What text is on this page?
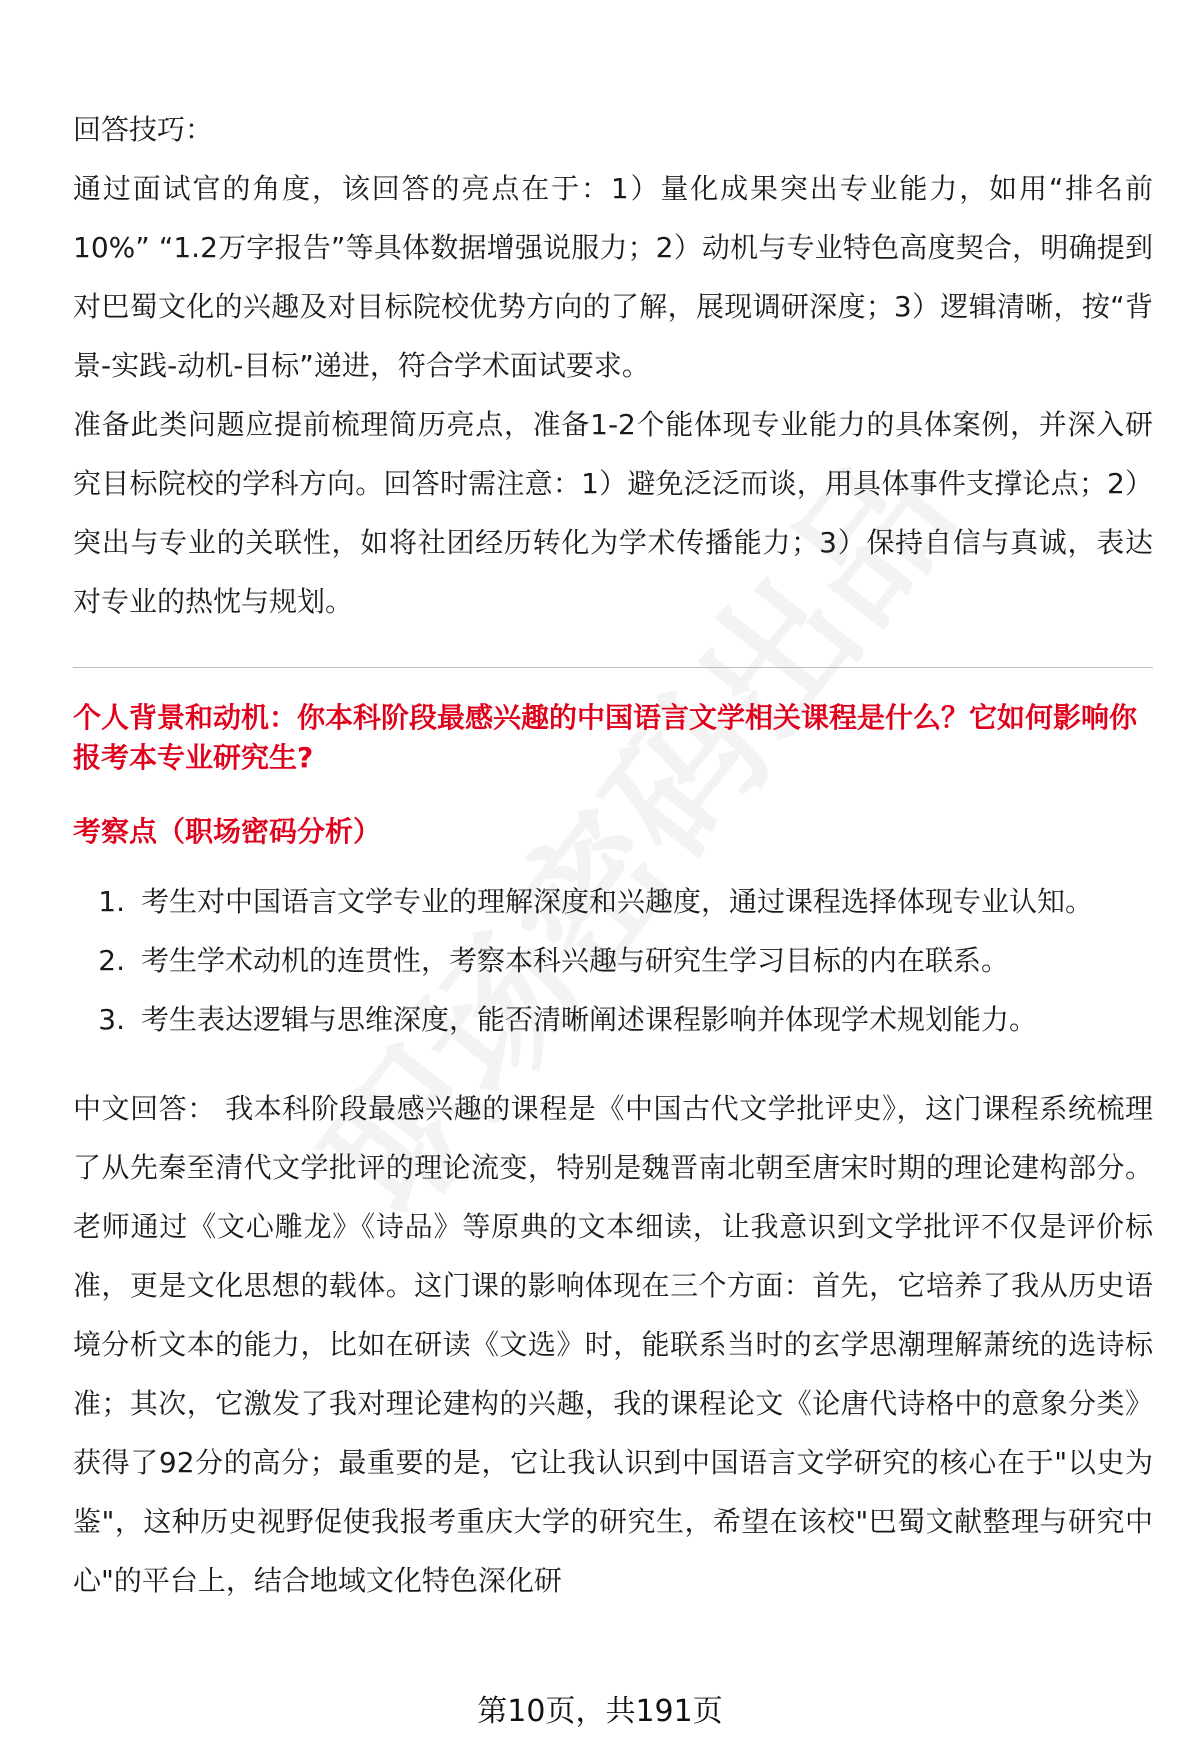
回答技巧：

通过面试官的角度，该回答的亮点在于：1）量化成果突出专业能力，如用“排名前10%” “1.2万字报告”等具体数据增强说服力；2）动机与专业特色高度契合，明确提到对巴蜀文化的兴趣及对目标院校优势方向的了解，展现调研深度；3）逻辑清晰，按“背景-实践-动机-目标”递进，符合学术面试要求。

准备此类问题应提前梳理简历亮点，准备1-2个能体现专业能力的具体案例，并深入研究目标院校的学科方向。回答时需注意：1）避免泛泛而谈，用具体事件支撑论点；2）突出与专业的关联性，如将社团经历转化为学术传播能力；3）保持自信与真诚，表达对专业的热忱与规划。

个人背景和动机：你本科阶段最感兴趣的中国语言文学相关课程是什么？它如何影响你报考本专业研究生?

考察点（职场密码分析）

1. 考生对中国语言文学专业的理解深度和兴趣度，通过课程选择体现专业认知。
2. 考生学术动机的连贯性，考察本科兴趣与研究生学习目标的内在联系。
3. 考生表达逻辑与思维深度，能否清晰阐述课程影响并体现学术规划能力。

中文回答： 我本科阶段最感兴趣的课程是《中国古代文学批评史》，这门课程系统梳理了从先秦至清代文学批评的理论流变，特别是魏晋南北朝至唐宋时期的理论建构部分。老师通过《文心雕龙》《诗品》等原典的文本细读，让我意识到文学批评不仅是评价标准，更是文化思想的载体。这门课的影响体现在三个方面：首先，它培养了我从历史语境分析文本的能力，比如在研读《文选》时，能联系当时的玄学思潮理解萧统的选诗标准；其次，它激发了我对理论建构的兴趣，我的课程论文《论唐代诗格中的意象分类》获得了92分的高分；最重要的是，它让我认识到中国语言文学研究的核心在于"以史为鉴"，这种历史视野促使我报考重庆大学的研究生，希望在该校"巴蜀文献整理与研究中心"的平台上，结合地域文化特色深化研

第10页，共191页
